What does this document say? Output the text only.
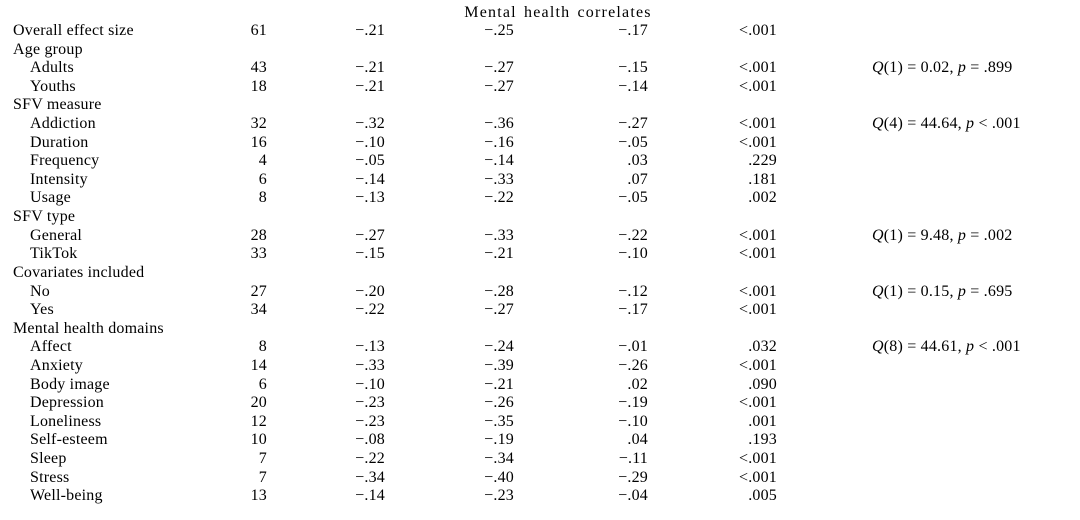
Mental health correlates
Overall effect size	61	−.21	−.25	−.17	<.001
Age group
Adults	43	−.21	−.27	−.15	<.001	Q(1) = 0.02, p = .899
Youths	18	−.21	−.27	−.14	<.001
SFV measure
Addiction	32	−.32	−.36	−.27	<.001	Q(4) = 44.64, p < .001
Duration	16	−.10	−.16	−.05	<.001
Frequency	4	−.05	−.14	.03	.229
Intensity	6	−.14	−.33	.07	.181
Usage	8	−.13	−.22	−.05	.002
SFV type
General	28	−.27	−.33	−.22	<.001	Q(1) = 9.48, p = .002
TikTok	33	−.15	−.21	−.10	<.001
Covariates included
No	27	−.20	−.28	−.12	<.001	Q(1) = 0.15, p = .695
Yes	34	−.22	−.27	−.17	<.001
Mental health domains
Affect	8	−.13	−.24	−.01	.032	Q(8) = 44.61, p < .001
Anxiety	14	−.33	−.39	−.26	<.001
Body image	6	−.10	−.21	.02	.090
Depression	20	−.23	−.26	−.19	<.001
Loneliness	12	−.23	−.35	−.10	.001
Self-esteem	10	−.08	−.19	.04	.193
Sleep	7	−.22	−.34	−.11	<.001
Stress	7	−.34	−.40	−.29	<.001
Well-being	13	−.14	−.23	−.04	.005
